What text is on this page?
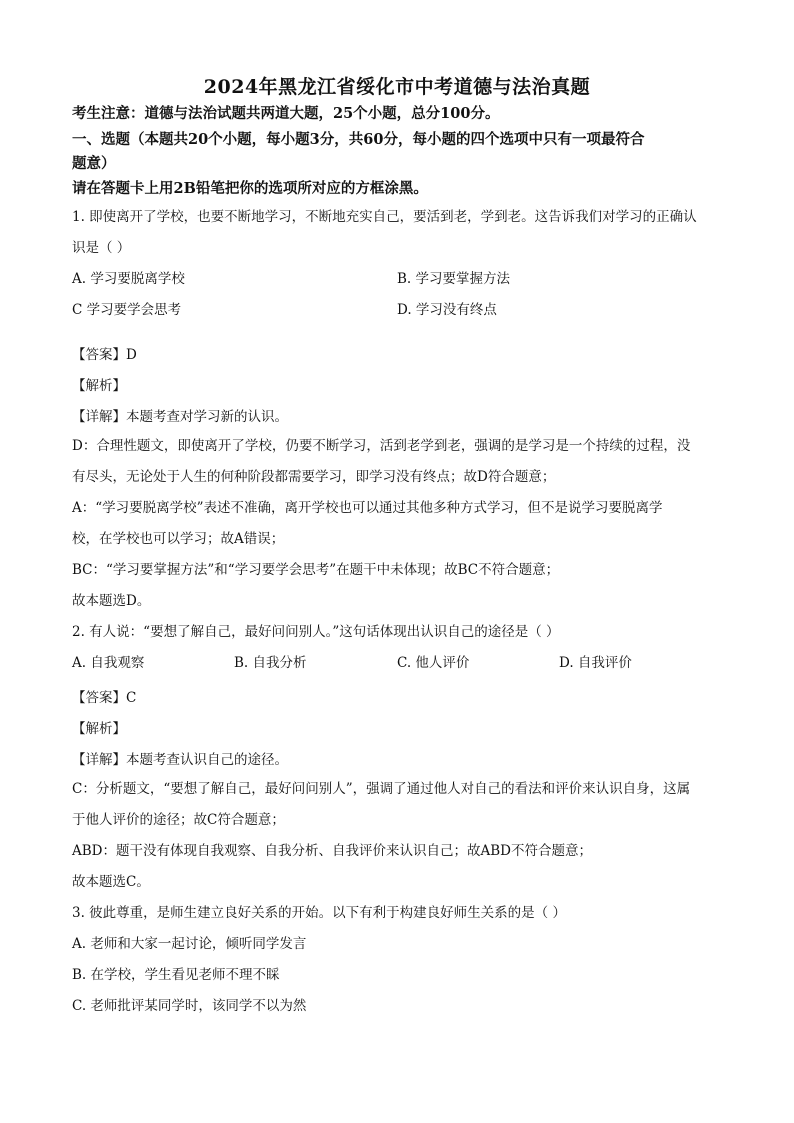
2024年黑龙江省绥化市中考道德与法治真题
考生注意：道德与法治试题共两道大题，25个小题，总分100分。
一、选题（本题共20个小题，每小题3分，共60分，每小题的四个选项中只有一项最符合
题意）
请在答题卡上用2B铅笔把你的选项所对应的方框涂黑。
1. 即使离开了学校，也要不断地学习，不断地充实自己，要活到老，学到老。这告诉我们对学习的正确认
识是（ ）
A. 学习要脱离学校	B. 学习要掌握方法
C 学习要学会思考	D. 学习没有终点
【答案】D
【解析】
【详解】本题考查对学习新的认识。
D：合理性题文，即使离开了学校，仍要不断学习，活到老学到老，强调的是学习是一个持续的过程，没
有尽头，无论处于人生的何种阶段都需要学习，即学习没有终点；故D符合题意；
A：“学习要脱离学校”表述不准确，离开学校也可以通过其他多种方式学习，但不是说学习要脱离学
校，在学校也可以学习；故A错误；
BC：“学习要掌握方法”和“学习要学会思考”在题干中未体现；故BC不符合题意；
故本题选D。
2. 有人说：“要想了解自己，最好问问别人。”这句话体现出认识自己的途径是（ ）
A. 自我观察	B. 自我分析	C. 他人评价	D. 自我评价
【答案】C
【解析】
【详解】本题考查认识自己的途径。
C：分析题文，“要想了解自己，最好问问别人”，强调了通过他人对自己的看法和评价来认识自身，这属
于他人评价的途径；故C符合题意；
ABD：题干没有体现自我观察、自我分析、自我评价来认识自己；故ABD不符合题意；
故本题选C。
3. 彼此尊重，是师生建立良好关系的开始。以下有利于构建良好师生关系的是（ ）
A. 老师和大家一起讨论，倾听同学发言
B. 在学校，学生看见老师不理不睬
C. 老师批评某同学时，该同学不以为然
